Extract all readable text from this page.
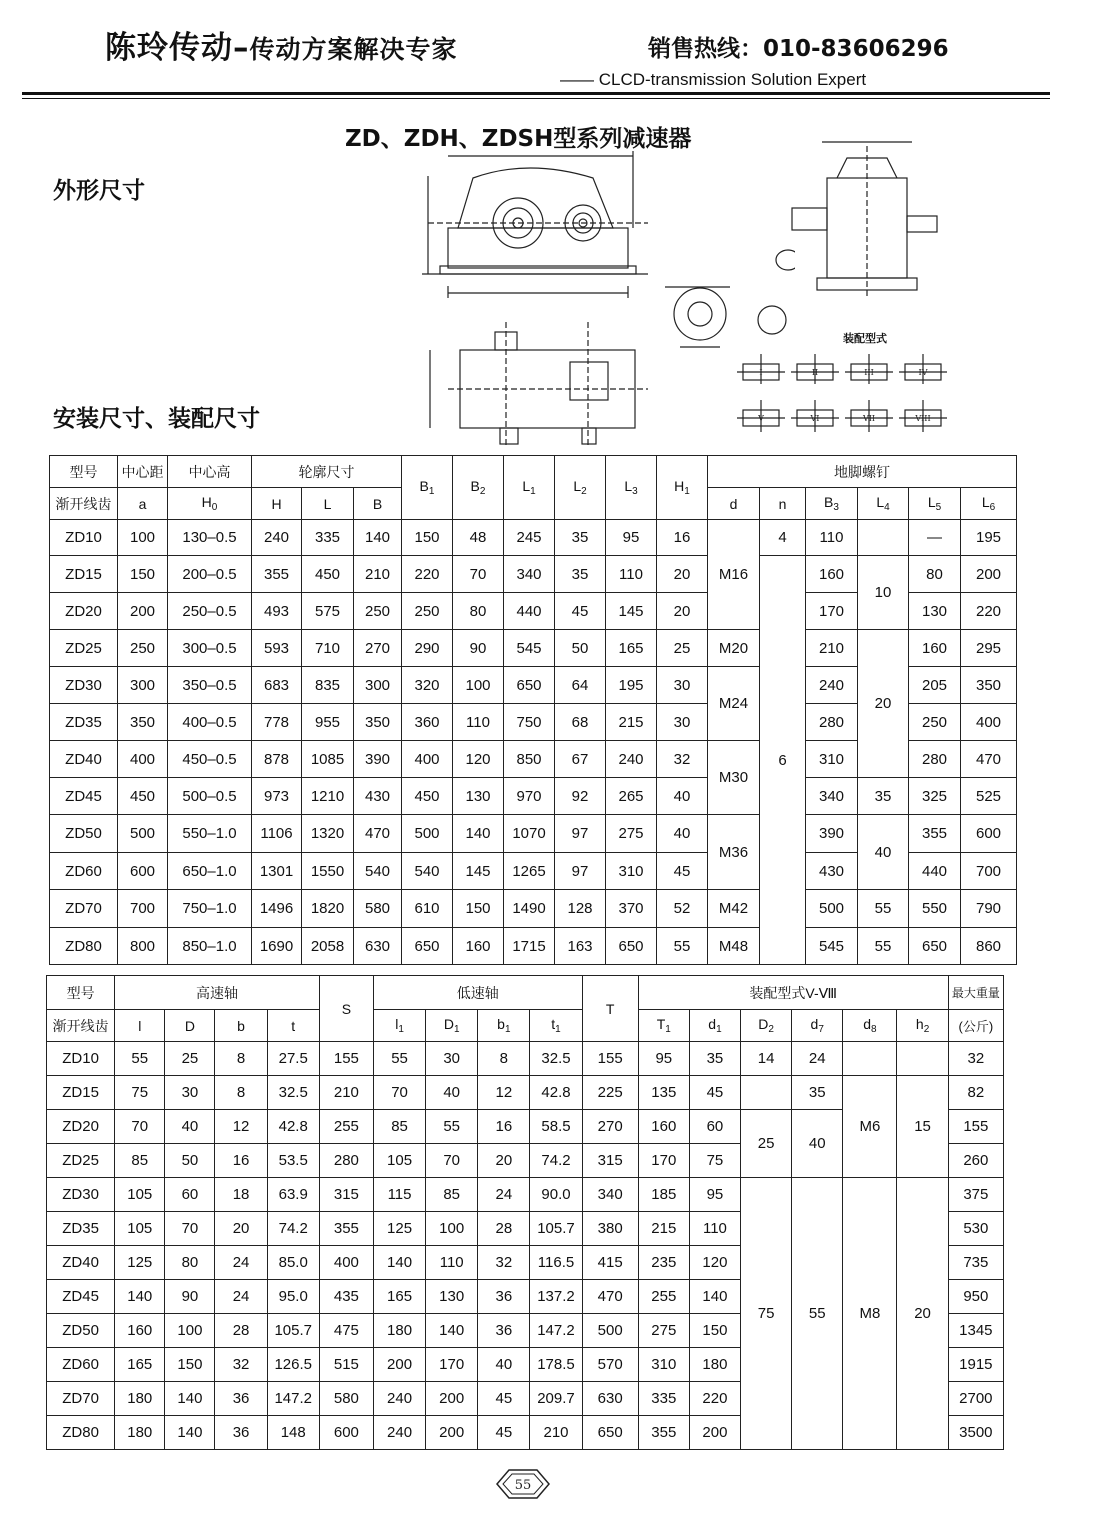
陈玲传动–传动方案解决专家	销售热线：010-83606296
—— CLCD-transmission Solution Expert
ZD、ZDH、ZDSH型系列减速器
外形尺寸
安装尺寸、装配尺寸
装配型式
I	II	III	IV
V	VI	VII	VIII
型号	中心距	中心高	轮廓尺寸			$B_1$	$B_2$	$L_1$	$L_2$	$L_3$	$H_1$	地脚螺钉					
渐开线齿	a	$H_0$	H	L	B							d	n	$B_3$	$L_4$	$L_5$	$L_6$
ZD10	100	130–0.5	240	335	140	150	48	245	35	95	16	M16	4	110		—	195
ZD15	150	200–0.5	355	450	210	220	70	340	35	110	20		6	160	10	80	200
ZD20	200	250–0.5	493	575	250	250	80	440	45	145	20			170		130	220
ZD25	250	300–0.5	593	710	270	290	90	545	50	165	25	M20		210	20	160	295
ZD30	300	350–0.5	683	835	300	320	100	650	64	195	30	M24		240		205	350
ZD35	350	400–0.5	778	955	350	360	110	750	68	215	30			280		250	400
ZD40	400	450–0.5	878	1085	390	400	120	850	67	240	32	M30		310		280	470
ZD45	450	500–0.5	973	1210	430	450	130	970	92	265	40			340	35	325	525
ZD50	500	550–1.0	1106	1320	470	500	140	1070	97	275	40	M36		390	40	355	600
ZD60	600	650–1.0	1301	1550	540	540	145	1265	97	310	45			430		440	700
ZD70	700	750–1.0	1496	1820	580	610	150	1490	128	370	52	M42		500	55	550	790
ZD80	800	850–1.0	1690	2058	630	650	160	1715	163	650	55	M48		545	55	650	860
型号	高速轴				S	低速轴				T	装配型式V-Ⅷ						最大重量
渐开线齿	l	D	b	t		$l_1$	$D_1$	$b_1$	$t_1$		$T_1$	$d_1$	$D_2$	$d_7$	$d_8$	$h_2$	(公斤)
ZD10	55	25	8	27.5	155	55	30	8	32.5	155	95	35	14	24			32
ZD15	75	30	8	32.5	210	70	40	12	42.8	225	135	45		35	M6	15	82
ZD20	70	40	12	42.8	255	85	55	16	58.5	270	160	60	25	40			155
ZD25	85	50	16	53.5	280	105	70	20	74.2	315	170	75					260
ZD30	105	60	18	63.9	315	115	85	24	90.0	340	185	95	75	55	M8	20	375
ZD35	105	70	20	74.2	355	125	100	28	105.7	380	215	110					530
ZD40	125	80	24	85.0	400	140	110	32	116.5	415	235	120					735
ZD45	140	90	24	95.0	435	165	130	36	137.2	470	255	140					950
ZD50	160	100	28	105.7	475	180	140	36	147.2	500	275	150					1345
ZD60	165	150	32	126.5	515	200	170	40	178.5	570	310	180					1915
ZD70	180	140	36	147.2	580	240	200	45	209.7	630	335	220					2700
ZD80	180	140	36	148	600	240	200	45	210	650	355	200					3500
55
